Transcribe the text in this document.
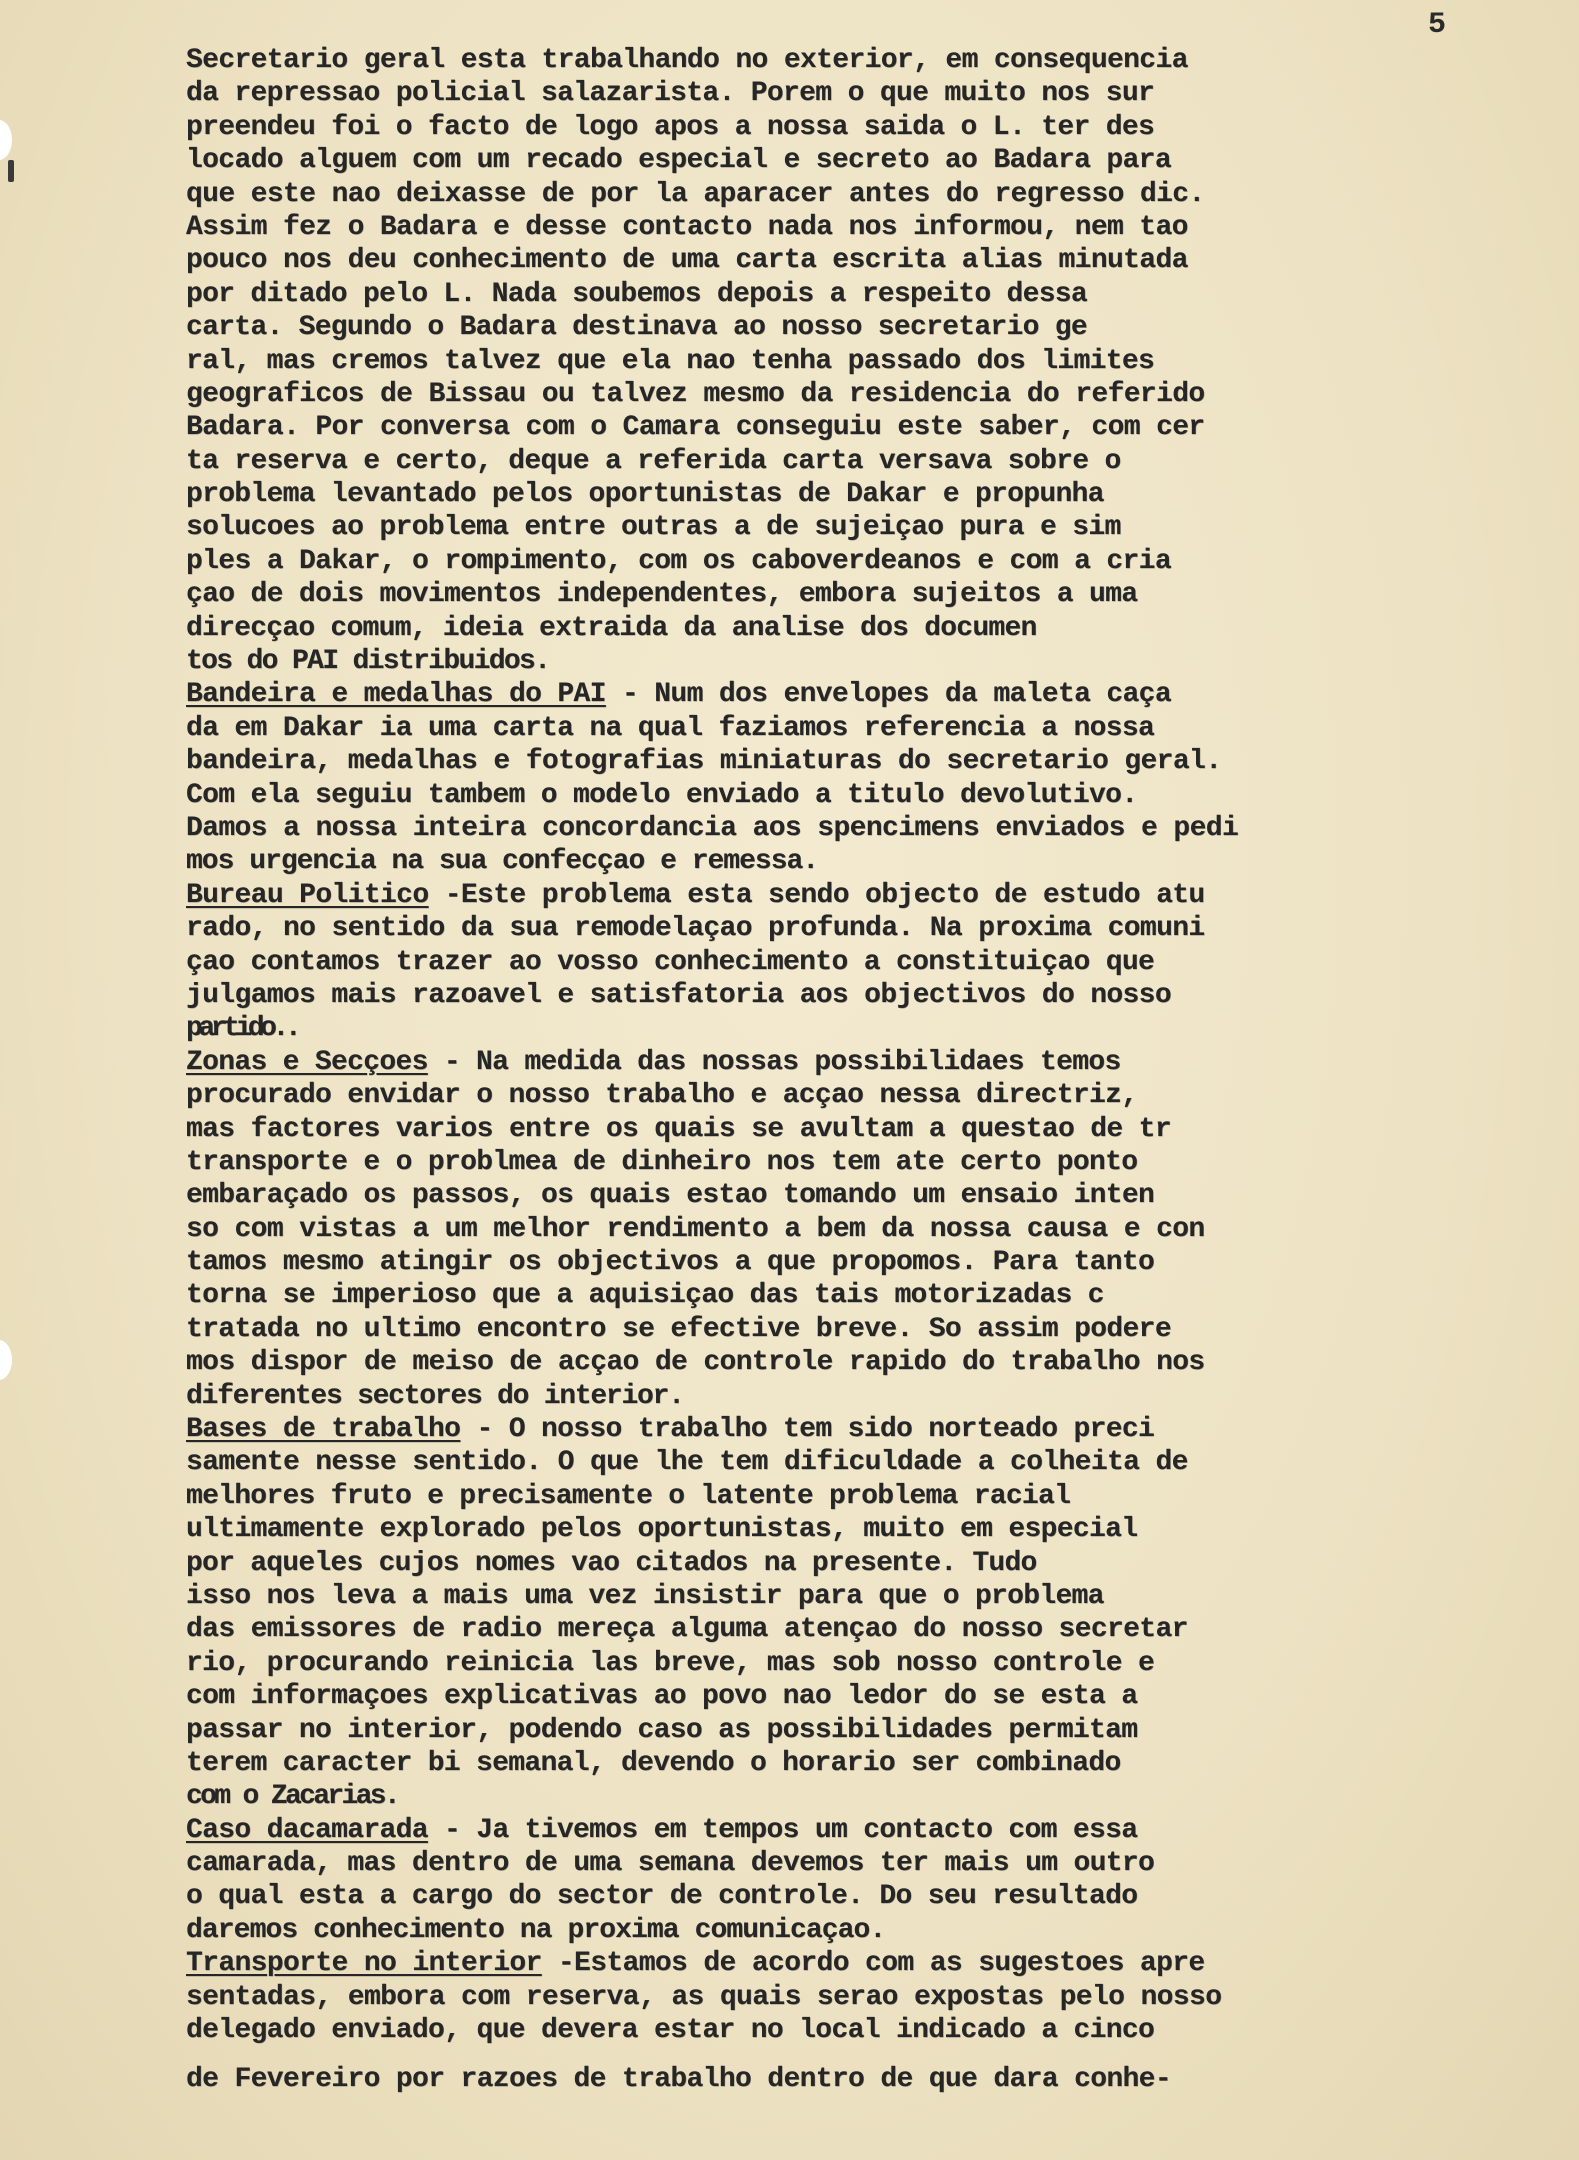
5
Secretario geral esta trabalhando no exterior, em consequencia
da repressao policial salazarista. Porem o que muito nos sur
preendeu foi o facto de logo apos a nossa saida o L. ter des
locado alguem com um recado especial e secreto ao Badara para
que este nao deixasse de por la aparacer antes do regresso dic.
Assim fez o Badara e desse contacto nada nos informou, nem tao
pouco nos deu conhecimento de uma carta escrita alias minutada
por ditado pelo L. Nada soubemos depois a respeito dessa
carta. Segundo o Badara destinava ao nosso secretario ge
ral, mas cremos talvez que ela nao tenha passado dos limites
geograficos de Bissau ou talvez mesmo da residencia do referido
Badara. Por conversa com o Camara conseguiu este saber, com cer
ta reserva e certo, deque a referida carta versava sobre o
problema levantado pelos oportunistas de Dakar e propunha
solucoes ao problema entre outras a de sujeiçao pura e sim
ples a Dakar, o rompimento, com os caboverdeanos e com a cria
çao de dois movimentos independentes, embora sujeitos a uma
direcçao comum, ideia extraida da analise dos documen
tos do PAI distribuidos.
Bandeira e medalhas do PAI - Num dos envelopes da maleta caça
da em Dakar ia uma carta na qual faziamos referencia a nossa
bandeira, medalhas e fotografias miniaturas do secretario geral.
Com ela seguiu tambem o modelo enviado a titulo devolutivo.
Damos a nossa inteira concordancia aos spencimens enviados e pedi
mos urgencia na sua confecçao e remessa.
Bureau Politico -Este problema esta sendo objecto de estudo atu
rado, no sentido da sua remodelaçao profunda. Na proxima comuni
çao contamos trazer ao vosso conhecimento a constituiçao que
julgamos mais razoavel e satisfatoria aos objectivos do nosso
partido..
Zonas e Secçoes - Na medida das nossas possibilidaes temos
procurado envidar o nosso trabalho e acçao nessa directriz,
mas factores varios entre os quais se avultam a questao de tr
transporte e o problmea de dinheiro nos tem ate certo ponto
embaraçado os passos, os quais estao tomando um ensaio inten
so com vistas a um melhor rendimento a bem da nossa causa e con
tamos mesmo atingir os objectivos a que propomos. Para tanto
torna se imperioso que a aquisiçao das tais motorizadas c
tratada no ultimo encontro se efective breve. So assim podere
mos dispor de meiso de acçao de controle rapido do trabalho nos
diferentes sectores do interior.
Bases de trabalho - O nosso trabalho tem sido norteado preci
samente nesse sentido. O que lhe tem dificuldade a colheita de
melhores fruto e precisamente o latente problema racial
ultimamente explorado pelos oportunistas, muito em especial
por aqueles cujos nomes vao citados na presente. Tudo
isso nos leva a mais uma vez insistir para que o problema
das emissores de radio mereça alguma atençao do nosso secretar
rio, procurando reinicia las breve, mas sob nosso controle e
com informaçoes explicativas ao povo nao ledor do se esta a
passar no interior, podendo caso as possibilidades permitam
terem caracter bi semanal, devendo o horario ser combinado
com o Zacarias.
Caso dacamarada - Ja tivemos em tempos um contacto com essa
camarada, mas dentro de uma semana devemos ter mais um outro
o qual esta a cargo do sector de controle. Do seu resultado
daremos conhecimento na proxima comunicaçao.
Transporte no interior -Estamos de acordo com as sugestoes apre
sentadas, embora com reserva, as quais serao expostas pelo nosso
delegado enviado, que devera estar no local indicado a cinco
de Fevereiro por razoes de trabalho dentro de que dara conhe-
